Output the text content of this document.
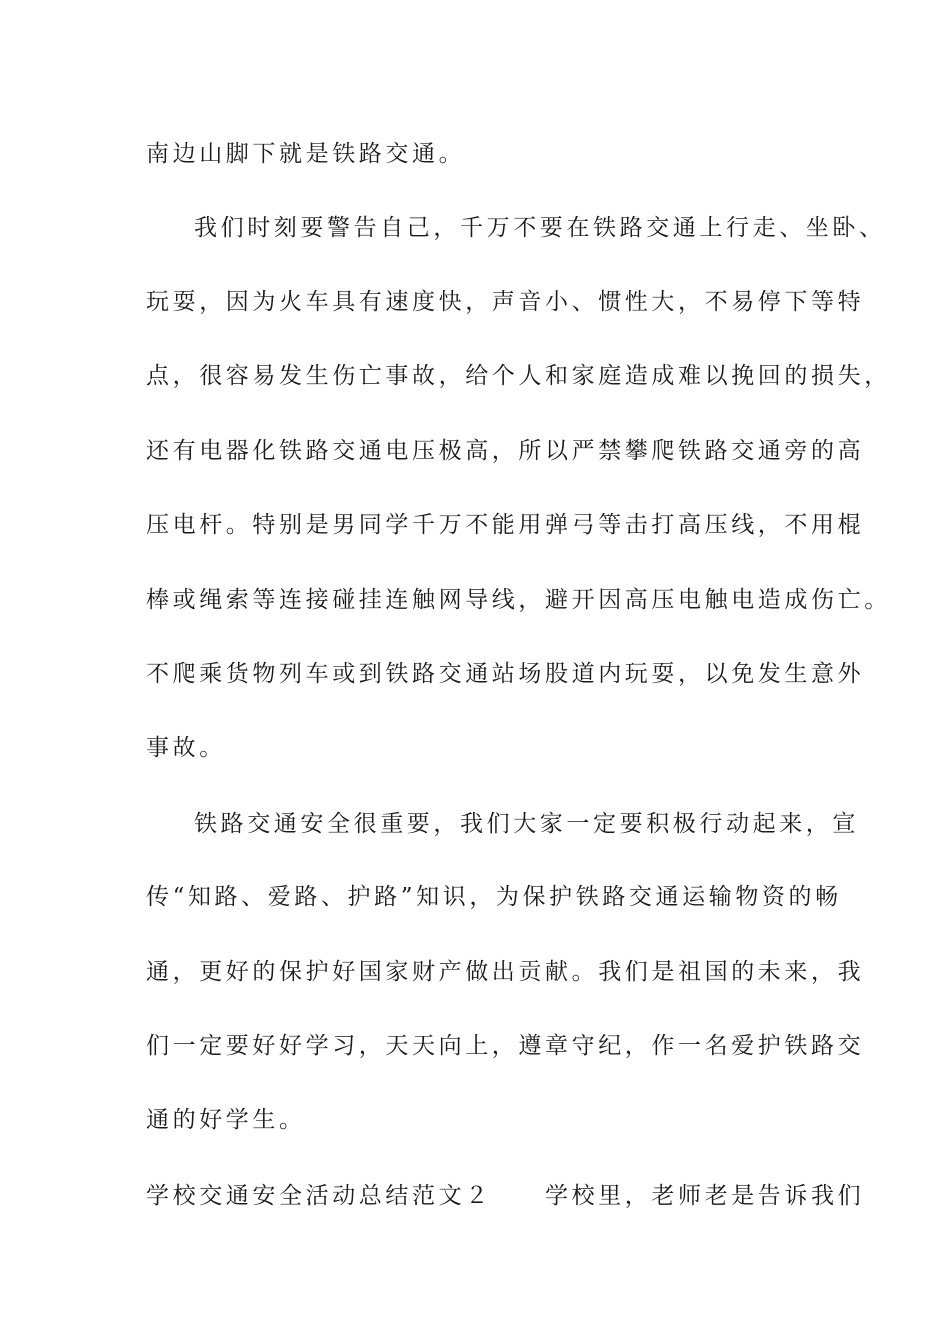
南边山脚下就是铁路交通。
我们时刻要警告自己，千万不要在铁路交通上行走、坐卧、
玩耍，因为火车具有速度快，声音小、惯性大，不易停下等特
点，很容易发生伤亡事故，给个人和家庭造成难以挽回的损失，
还有电器化铁路交通电压极高，所以严禁攀爬铁路交通旁的高
压电杆。特别是男同学千万不能用弹弓等击打高压线，不用棍
棒或绳索等连接碰挂连触网导线，避开因高压电触电造成伤亡。
不爬乘货物列车或到铁路交通站场股道内玩耍，以免发生意外
事故。
铁路交通安全很重要，我们大家一定要积极行动起来，宣
传“知路、爱路、护路”知识，为保护铁路交通运输物资的畅
通，更好的保护好国家财产做出贡献。我们是祖国的未来，我
们一定要好好学习，天天向上，遵章守纪，作一名爱护铁路交
通的好学生。
学校交通安全活动总结范文２　　学校里，老师老是告诉我们
